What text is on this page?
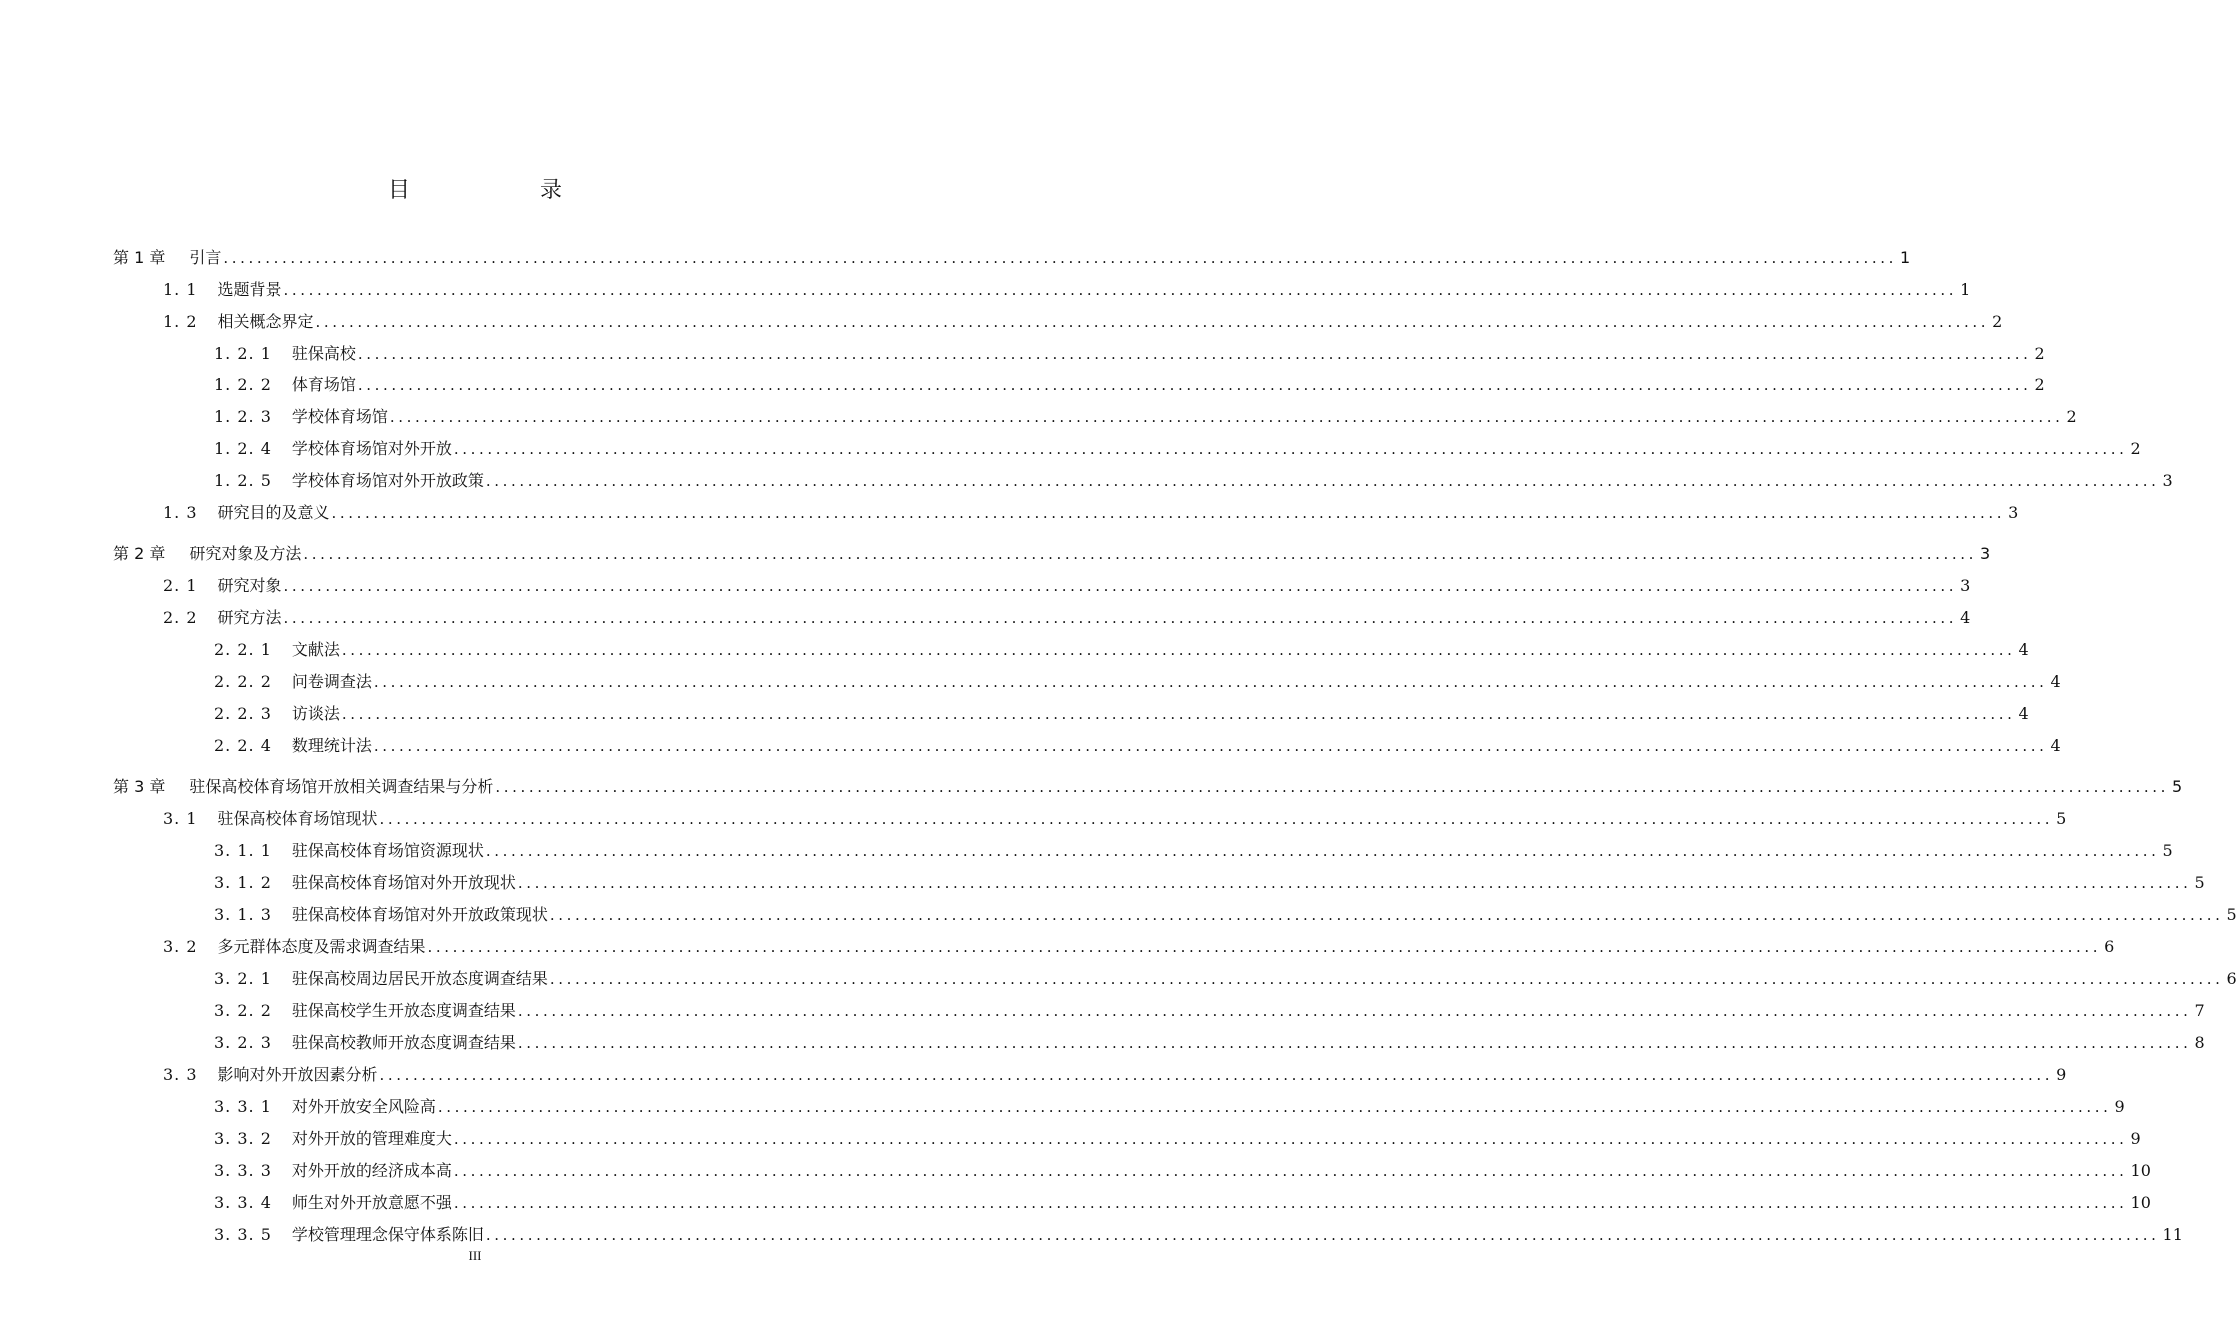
目　录
第 1 章 引言 ........................................................................................................................................................................................................ 1
1. 1 选题背景 ........................................................................................................................................................................................................ 1
1. 2 相关概念界定 ........................................................................................................................................................................................................ 2
1. 2. 1 驻保高校 ........................................................................................................................................................................................................ 2
1. 2. 2 体育场馆 ........................................................................................................................................................................................................ 2
1. 2. 3 学校体育场馆 ........................................................................................................................................................................................................ 2
1. 2. 4 学校体育场馆对外开放 ........................................................................................................................................................................................................ 2
1. 2. 5 学校体育场馆对外开放政策 ........................................................................................................................................................................................................ 3
1. 3 研究目的及意义 ........................................................................................................................................................................................................ 3
第 2 章 研究对象及方法 ........................................................................................................................................................................................................ 3
2. 1 研究对象 ........................................................................................................................................................................................................ 3
2. 2 研究方法 ........................................................................................................................................................................................................ 4
2. 2. 1 文献法 ........................................................................................................................................................................................................ 4
2. 2. 2 问卷调查法 ........................................................................................................................................................................................................ 4
2. 2. 3 访谈法 ........................................................................................................................................................................................................ 4
2. 2. 4 数理统计法 ........................................................................................................................................................................................................ 4
第 3 章 驻保高校体育场馆开放相关调查结果与分析 ........................................................................................................................................................................................................ 5
3. 1 驻保高校体育场馆现状 ........................................................................................................................................................................................................ 5
3. 1. 1 驻保高校体育场馆资源现状 ........................................................................................................................................................................................................ 5
3. 1. 2 驻保高校体育场馆对外开放现状 ........................................................................................................................................................................................................ 5
3. 1. 3 驻保高校体育场馆对外开放政策现状 ........................................................................................................................................................................................................ 5
3. 2 多元群体态度及需求调查结果 ........................................................................................................................................................................................................ 6
3. 2. 1 驻保高校周边居民开放态度调查结果 ........................................................................................................................................................................................................ 6
3. 2. 2 驻保高校学生开放态度调查结果 ........................................................................................................................................................................................................ 7
3. 2. 3 驻保高校教师开放态度调查结果 ........................................................................................................................................................................................................ 8
3. 3 影响对外开放因素分析 ........................................................................................................................................................................................................ 9
3. 3. 1 对外开放安全风险高 ........................................................................................................................................................................................................ 9
3. 3. 2 对外开放的管理难度大 ........................................................................................................................................................................................................ 9
3. 3. 3 对外开放的经济成本高 ........................................................................................................................................................................................................ 10
3. 3. 4 师生对外开放意愿不强 ........................................................................................................................................................................................................ 10
3. 3. 5 学校管理理念保守体系陈旧 ........................................................................................................................................................................................................ 11
III
